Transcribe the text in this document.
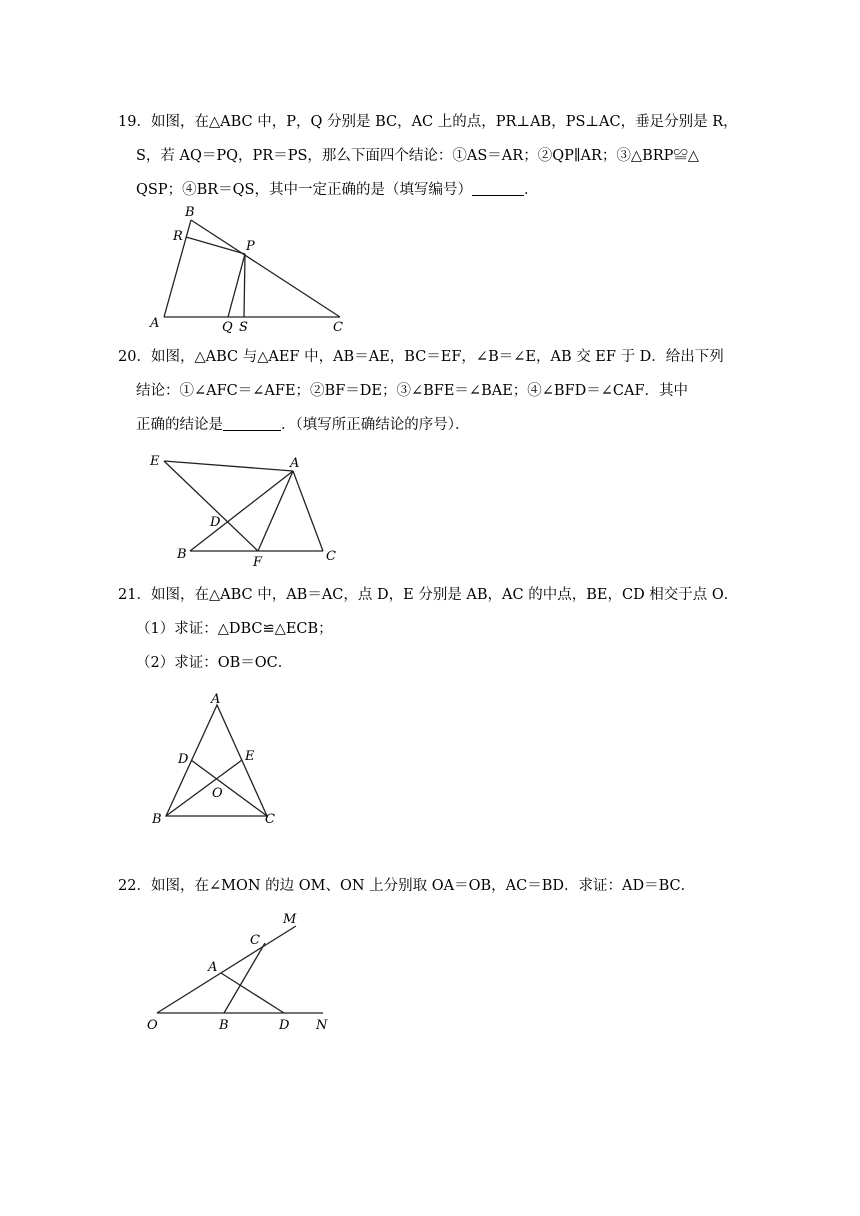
19．如图，在△ABC 中，P，Q 分别是 BC，AC 上的点，PR⊥AB，PS⊥AC，垂足分别是 R，
S，若 AQ＝PQ，PR＝PS，那么下面四个结论：①AS＝AR；②QP∥AR；③△BRP≌△
QSP；④BR＝QS，其中一定正确的是（填写编号）	．
B
R
P
A	Q S	C
20．如图，△ABC 与△AEF 中，AB＝AE，BC＝EF，∠B＝∠E，AB 交 EF 于 D．给出下列
结论：①∠AFC＝∠AFE；②BF＝DE；③∠BFE＝∠BAE；④∠BFD＝∠CAF．其中
正确的结论是	．（填写所正确结论的序号）．
E	A
D
B
F	C
21．如图，在△ABC 中，AB＝AC，点 D，E 分别是 AB，AC 的中点，BE，CD 相交于点 O．
（1）求证：△DBC≌△ECB；
（2）求证：OB＝OC．
A
D	E
O
B	C
22．如图，在∠MON 的边 OM、ON 上分别取 OA＝OB，AC＝BD．求证：AD＝BC．
M
C
A
O	B	D N
